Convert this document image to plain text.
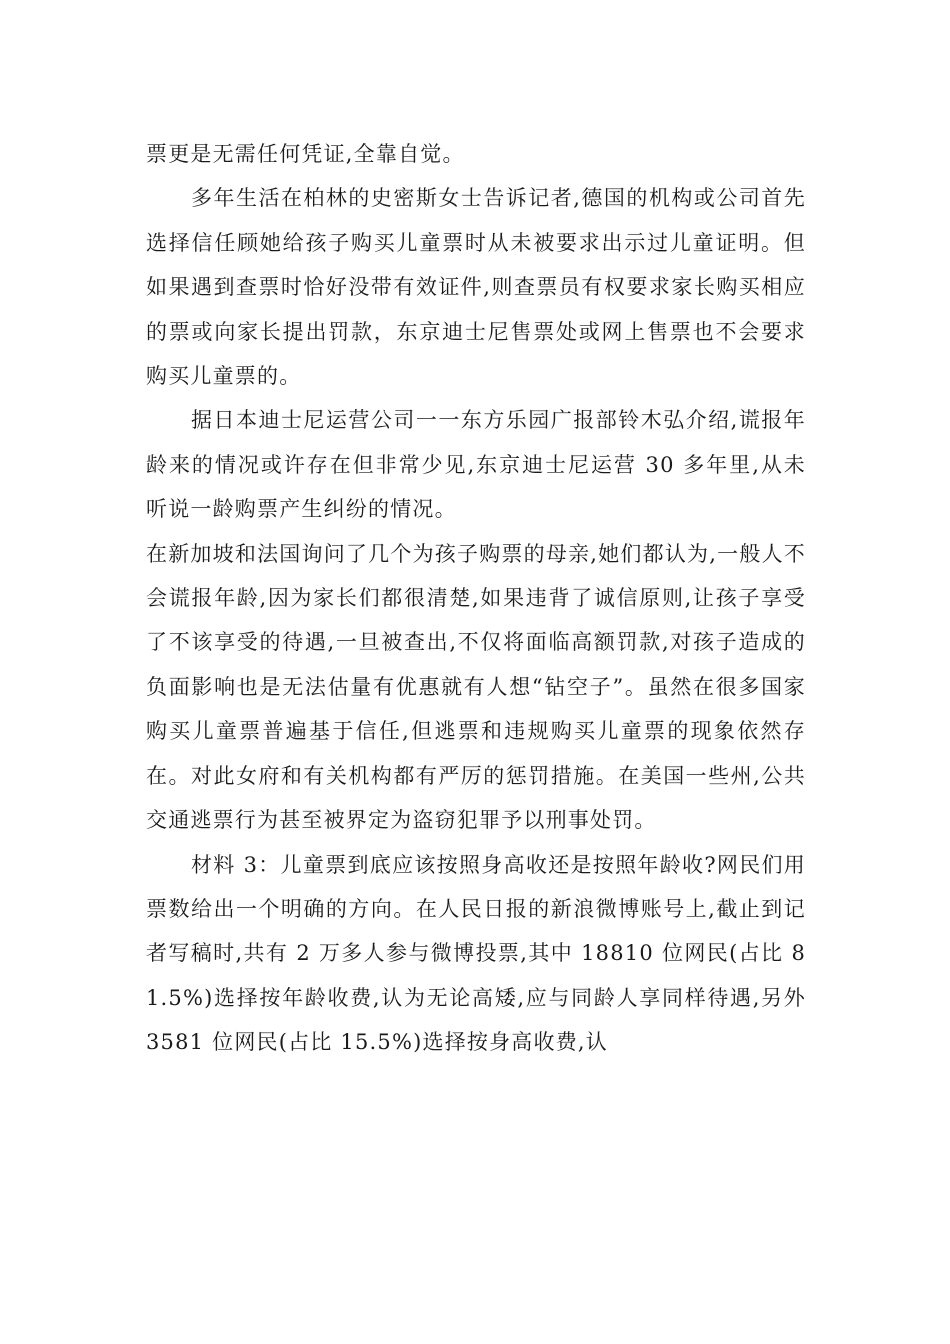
票更是无需任何凭证,全靠自觉。

多年生活在柏林的史密斯女士告诉记者,德国的机构或公司首先选择信任顾她给孩子购买儿童票时从未被要求出示过儿童证明。但如果遇到查票时恰好没带有效证件,则查票员有权要求家长购买相应的票或向家长提出罚款，东京迪士尼售票处或网上售票也不会要求购买儿童票的。

据日本迪士尼运营公司一一东方乐园广报部铃木弘介绍,谎报年龄来的情况或许存在但非常少见,东京迪士尼运营 30 多年里,从未听说一龄购票产生纠纷的情况。

在新加坡和法国询问了几个为孩子购票的母亲,她们都认为,一般人不会谎报年龄,因为家长们都很清楚,如果违背了诚信原则,让孩子享受了不该享受的待遇,一旦被查出,不仅将面临高额罚款,对孩子造成的负面影响也是无法估量有优惠就有人想“钻空子”。虽然在很多国家购买儿童票普遍基于信任,但逃票和违规购买儿童票的现象依然存在。对此女府和有关机构都有严厉的惩罚措施。在美国一些州,公共交通逃票行为甚至被界定为盗窃犯罪予以刑事处罚。

材料 3：儿童票到底应该按照身高收还是按照年龄收?网民们用票数给出一个明确的方向。在人民日报的新浪微博账号上,截止到记者写稿时,共有 2 万多人参与微博投票,其中 18810 位网民(占比 81.5%)选择按年龄收费,认为无论高矮,应与同龄人享同样待遇,另外 3581 位网民(占比 15.5%)选择按身高收费,认
